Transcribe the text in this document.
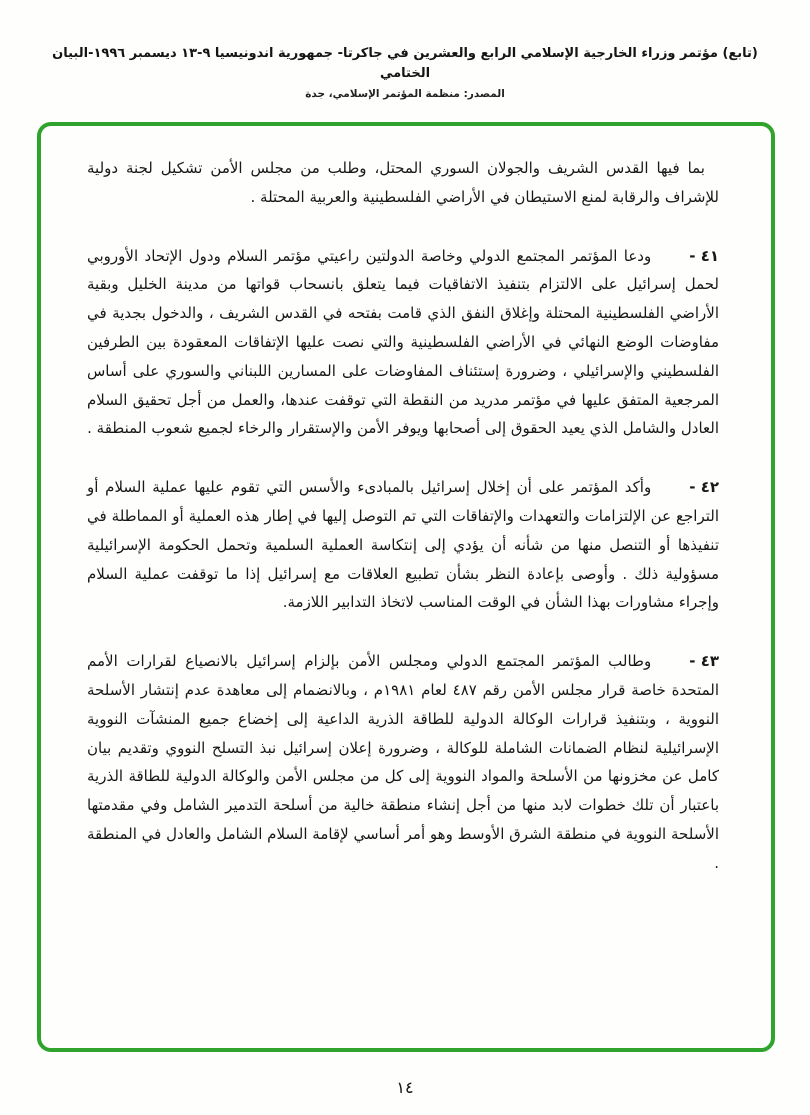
(تابع) مؤتمر وزراء الخارجية الإسلامي الرابع والعشرين في جاكرتا- جمهورية اندونيسيا ٩-١٣ ديسمبر ١٩٩٦-البيان الختامي
المصدر: منظمة المؤتمر الإسلامي، جدة

بما فيها القدس الشريف والجولان السوري المحتل، وطلب من مجلس الأمن تشكيل لجنة دولية للإشراف والرقابة لمنع الاستيطان في الأراضي الفلسطينية والعربية المحتلة .

٤١ -ودعا المؤتمر المجتمع الدولي وخاصة الدولتين راعيتي مؤتمر السلام ودول الإتحاد الأوروبي لحمل إسرائيل على الالتزام بتنفيذ الاتفاقيات فيما يتعلق بانسحاب قواتها من مدينة الخليل وبقية الأراضي الفلسطينية المحتلة وإغلاق النفق الذي قامت بفتحه في القدس الشريف ، والدخول بجدية في مفاوضات الوضع النهائي في الأراضي الفلسطينية والتي نصت عليها الإتفاقات المعقودة بين الطرفين الفلسطيني والإسرائيلي ، وضرورة إستئناف المفاوضات على المسارين اللبناني والسوري على أساس المرجعية المتفق عليها في مؤتمر مدريد من النقطة التي توقفت عندها، والعمل من أجل تحقيق السلام العادل والشامل الذي يعيد الحقوق إلى أصحابها ويوفر الأمن والإستقرار والرخاء لجميع شعوب المنطقة .

٤٢ -وأكد المؤتمر على أن إخلال إسرائيل بالمبادىء والأسس التي تقوم عليها عملية السلام أو التراجع عن الإلتزامات والتعهدات والإتفاقات التي تم التوصل إليها في إطار هذه العملية أو المماطلة في تنفيذها أو التنصل منها من شأنه أن يؤدي إلى إنتكاسة العملية السلمية وتحمل الحكومة الإسرائيلية مسؤولية ذلك . وأوصى بإعادة النظر بشأن تطبيع العلاقات مع إسرائيل إذا ما توقفت عملية السلام وإجراء مشاورات بهذا الشأن في الوقت المناسب لاتخاذ التدابير اللازمة.

٤٣ -وطالب المؤتمر المجتمع الدولي ومجلس الأمن بإلزام إسرائيل بالانصياع لقرارات الأمم المتحدة خاصة قرار مجلس الأمن رقم ٤٨٧ لعام ١٩٨١م ، وبالانضمام إلى معاهدة عدم إنتشار الأسلحة النووية ، وبتنفيذ قرارات الوكالة الدولية للطاقة الذرية الداعية إلى إخضاع جميع المنشآت النووية الإسرائيلية لنظام الضمانات الشاملة للوكالة ، وضرورة إعلان إسرائيل نبذ التسلح النووي وتقديم بيان كامل عن مخزونها من الأسلحة والمواد النووية إلى كل من مجلس الأمن والوكالة الدولية للطاقة الذرية باعتبار أن تلك خطوات لابد منها من أجل إنشاء منطقة خالية من أسلحة التدمير الشامل وفي مقدمتها الأسلحة النووية في منطقة الشرق الأوسط وهو أمر أساسي لإقامة السلام الشامل والعادل في المنطقة .

١٤
